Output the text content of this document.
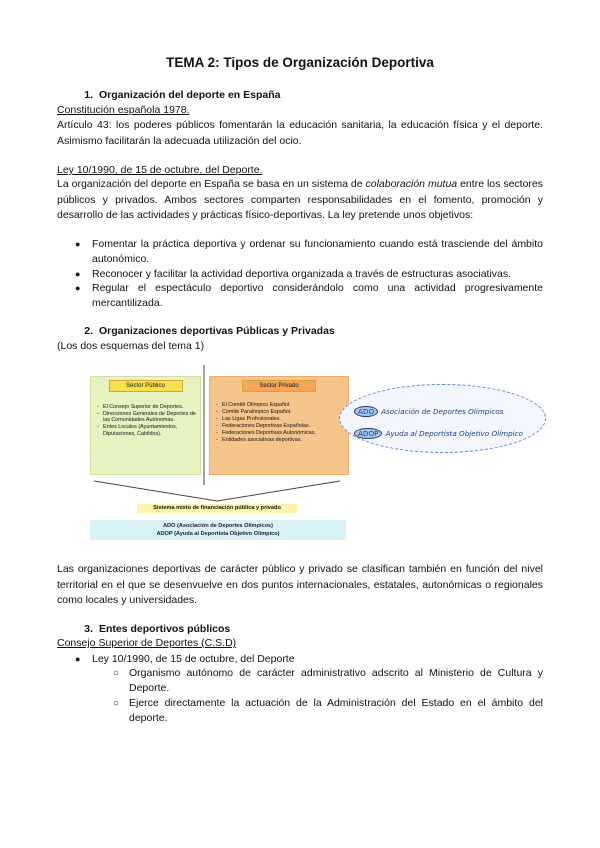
TEMA 2: Tipos de Organización Deportiva
1. Organización del deporte en España
Constitución española 1978.
Artículo 43: los poderes públicos fomentarán la educación sanitaria, la educación física y el deporte. Asimismo facilitarán la adecuada utilización del ocio.
Ley 10/1990, de 15 de octubre, del Deporte.
La organización del deporte en España se basa en un sistema de colaboración mutua entre los sectores públicos y privados. Ambos sectores comparten responsabilidades en el fomento, promoción y desarrollo de las actividades y prácticas físico-deportivas. La ley pretende unos objetivos:
● Fomentar la práctica deportiva y ordenar su funcionamiento cuando está trasciende del ámbito autonómico.
● Reconocer y facilitar la actividad deportiva organizada a través de estructuras asociativas.
● Regular el espectáculo deportivo considerándolo como una actividad progresivamente mercantilizada.
2. Organizaciones deportivas Públicas y Privadas
(Los dos esquemas del tema 1)
Sector Público
- El Consejo Superior de Deportes.
- Direcciones Generales de Deportes de las Comunidades Autónomas.
- Entes Locales (Ayuntamientos, Diputaciones, Cabildos).
Sector Privado
- El Comité Olímpico Español.
- Comité Paralímpico Español.
- Las Ligas Profesionales.
- Federaciones Deportivas Españolas.
- Federaciones Deportivas Autonómicas.
- Entidades asociativas deportivas.
Sistema mixto de financiación pública y privado
ADO (Asociación de Deportes Olímpicos)
ADOP (Ayuda al Deportista Objetivo Olímpico)
ADO Asociación de Deportes Olímpicos
ADOP Ayuda al Deportista Objetivo Olímpico
Las organizaciones deportivas de carácter público y privado se clasifican también en función del nivel territorial en el que se desenvuelve en dos puntos internacionales, estatales, autonómicas o regionales como locales y universidades.
3. Entes deportivos públicos
Consejo Superior de Deportes (C.S.D)
● Ley 10/1990, de 15 de octubre, del Deporte
○ Organismo autónomo de carácter administrativo adscrito al Ministerio de Cultura y Deporte.
○ Ejerce directamente la actuación de la Administración del Estado en el ámbito del deporte.
